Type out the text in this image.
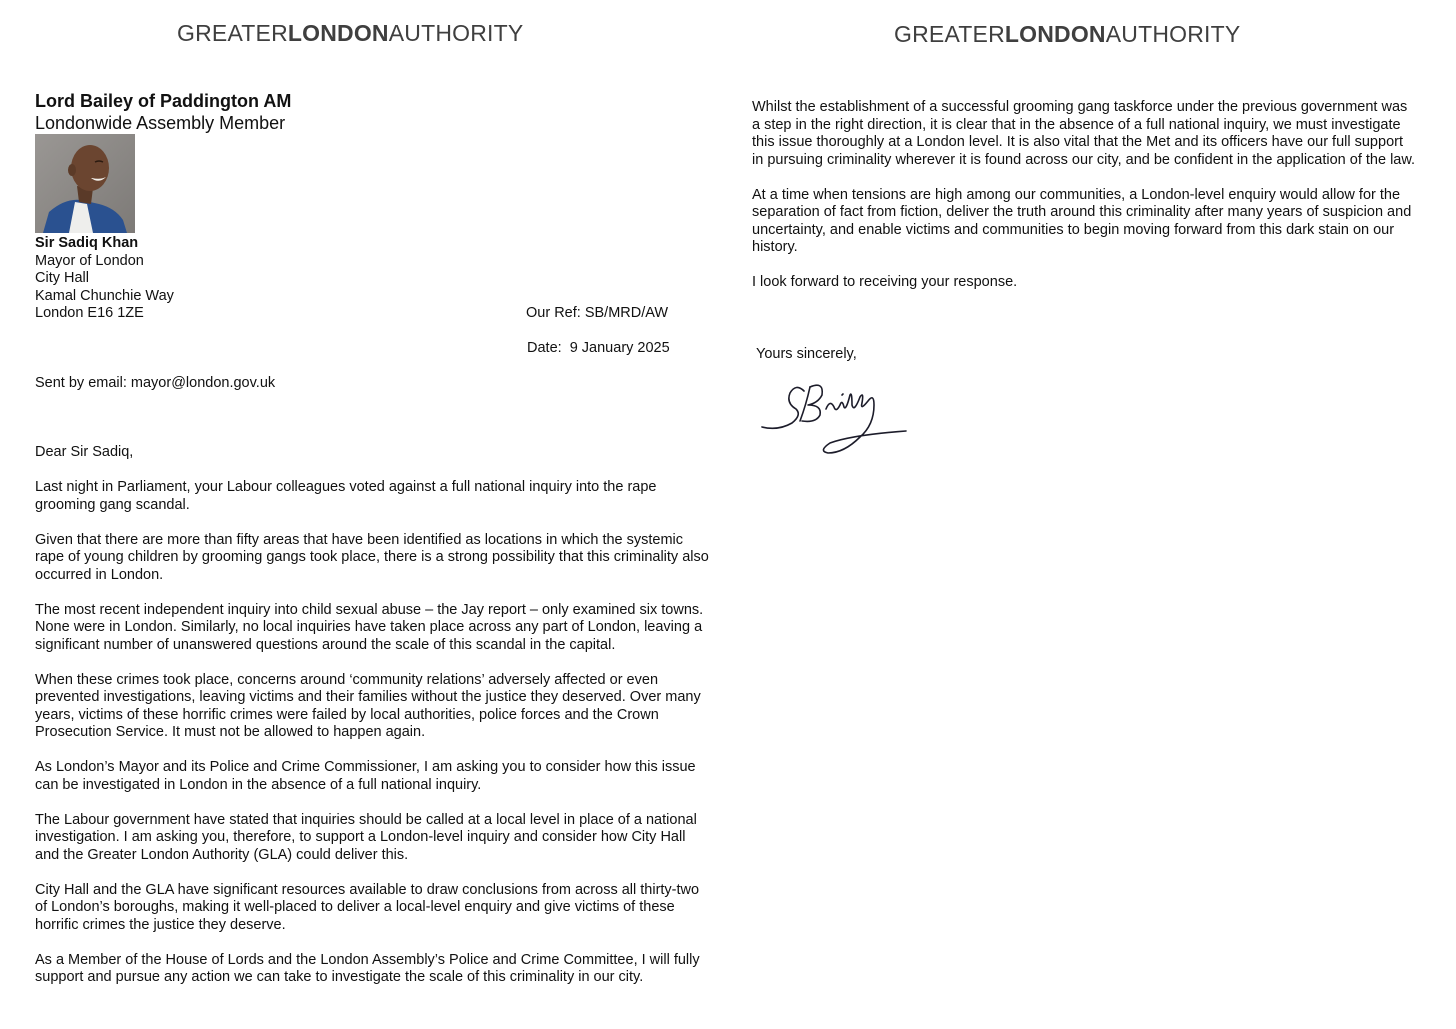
GREATERLONDONAUTHORITY
Lord Bailey of Paddington AM
Londonwide Assembly Member
Sir Sadiq Khan
Mayor of London
City Hall
Kamal Chunchie Way
London E16 1ZE	Our Ref: SB/MRD/AW
Date:  9 January 2025
Sent by email: mayor@london.gov.uk

Dear Sir Sadiq,

Last night in Parliament, your Labour colleagues voted against a full national inquiry into the rape grooming gang scandal.

Given that there are more than fifty areas that have been identified as locations in which the systemic rape of young children by grooming gangs took place, there is a strong possibility that this criminality also occurred in London.

The most recent independent inquiry into child sexual abuse – the Jay report – only examined six towns. None were in London. Similarly, no local inquiries have taken place across any part of London, leaving a significant number of unanswered questions around the scale of this scandal in the capital.

When these crimes took place, concerns around ‘community relations’ adversely affected or even prevented investigations, leaving victims and their families without the justice they deserved. Over many years, victims of these horrific crimes were failed by local authorities, police forces and the Crown Prosecution Service. It must not be allowed to happen again.

As London’s Mayor and its Police and Crime Commissioner, I am asking you to consider how this issue can be investigated in London in the absence of a full national inquiry.

The Labour government have stated that inquiries should be called at a local level in place of a national investigation. I am asking you, therefore, to support a London-level inquiry and consider how City Hall and the Greater London Authority (GLA) could deliver this.

City Hall and the GLA have significant resources available to draw conclusions from across all thirty-two of London’s boroughs, making it well-placed to deliver a local-level enquiry and give victims of these horrific crimes the justice they deserve.

As a Member of the House of Lords and the London Assembly’s Police and Crime Committee, I will fully support and pursue any action we can take to investigate the scale of this criminality in our city.

GREATERLONDONAUTHORITY

Whilst the establishment of a successful grooming gang taskforce under the previous government was a step in the right direction, it is clear that in the absence of a full national inquiry, we must investigate this issue thoroughly at a London level. It is also vital that the Met and its officers have our full support in pursuing criminality wherever it is found across our city, and be confident in the application of the law.

At a time when tensions are high among our communities, a London-level enquiry would allow for the separation of fact from fiction, deliver the truth around this criminality after many years of suspicion and uncertainty, and enable victims and communities to begin moving forward from this dark stain on our history.

I look forward to receiving your response.

Yours sincerely,
